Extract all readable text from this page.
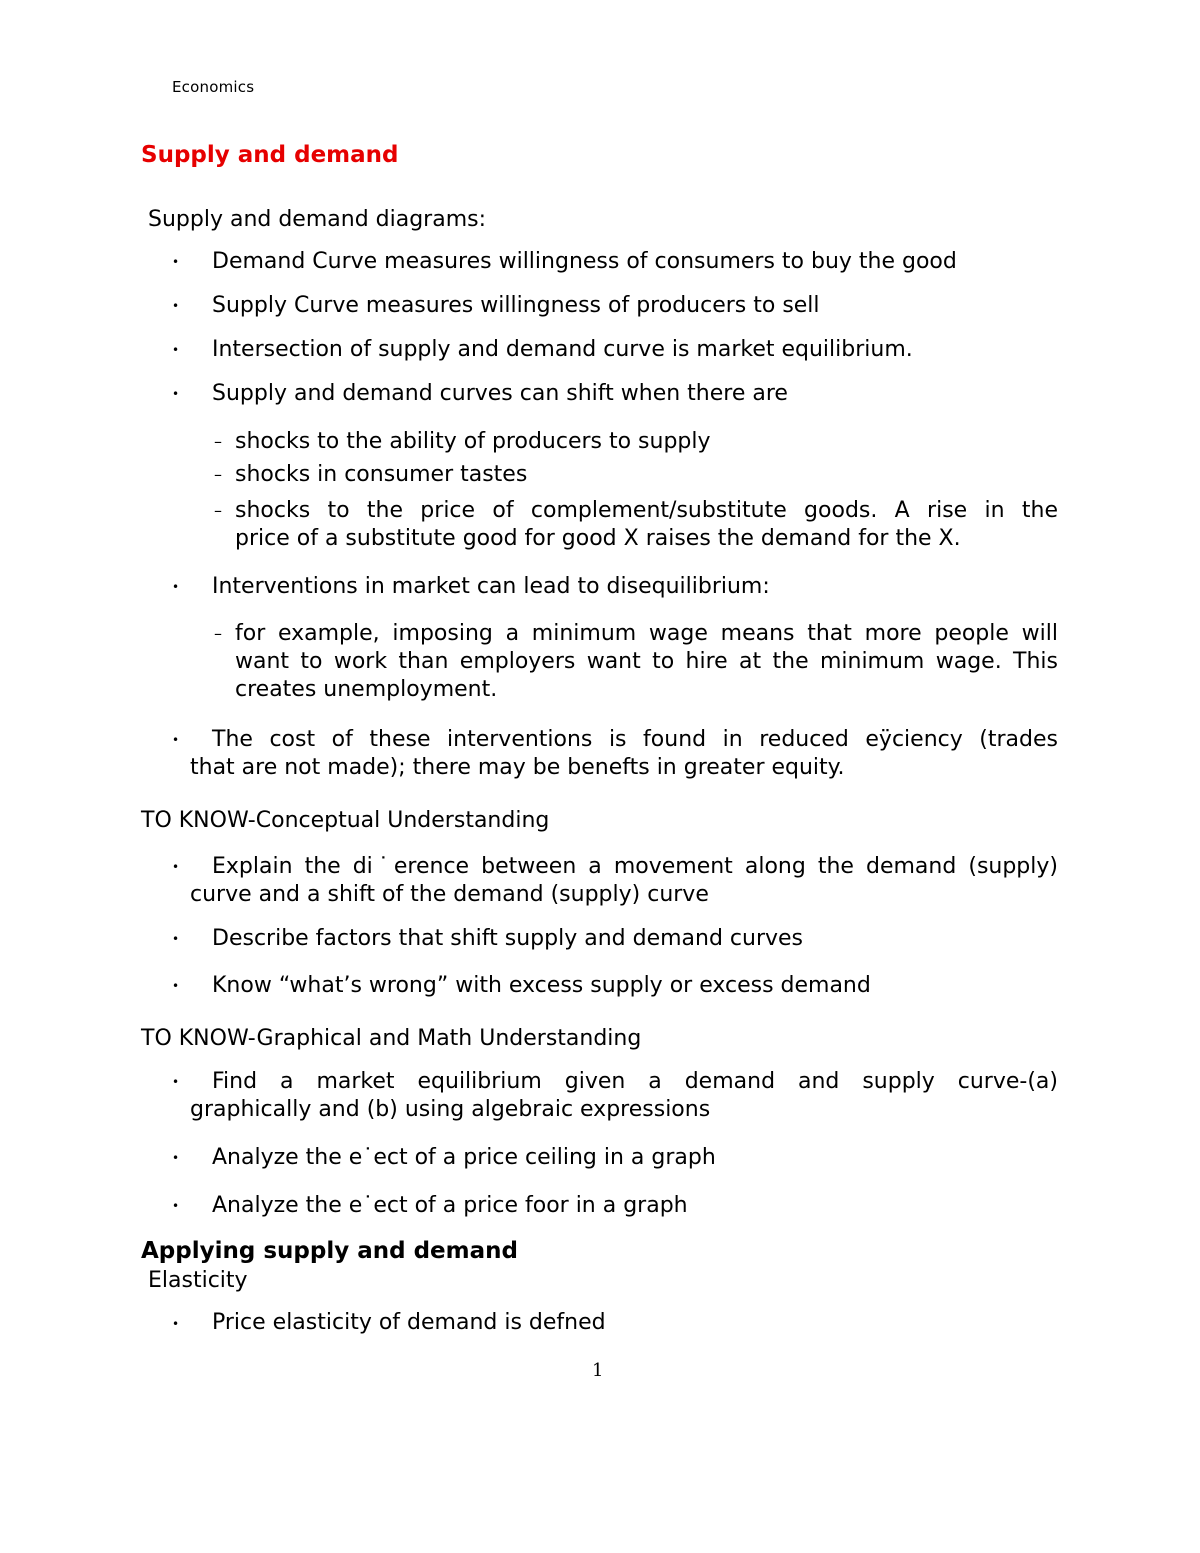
Economics
Supply and demand
Supply and demand diagrams:
• Demand Curve measures willingness of consumers to buy the good
• Supply Curve measures willingness of producers to sell
• Intersection of supply and demand curve is market equilibrium.
• Supply and demand curves can shift when there are
– shocks to the ability of producers to supply
– shocks in consumer tastes
– shocks to the price of complement/substitute goods. A rise in the
price of a substitute good for good X raises the demand for the X.
• Interventions in market can lead to disequilibrium:
– for example, imposing a minimum wage means that more people will
want to work than employers want to hire at the minimum wage. This
creates unemployment.
• The cost of these interventions is found in reduced eÿciency (trades
that are not made); there may be benefts in greater equity.
TO KNOW-Conceptual Understanding
• Explain the di˙erence between a movement along the demand (supply)
curve and a shift of the demand (supply) curve
• Describe factors that shift supply and demand curves
• Know “what’s wrong” with excess supply or excess demand
TO KNOW-Graphical and Math Understanding
• Find a market equilibrium given a demand and supply curve-(a)
graphically and (b) using algebraic expressions
• Analyze the e˙ect of a price ceiling in a graph
• Analyze the e˙ect of a price foor in a graph
Applying supply and demand
Elasticity
• Price elasticity of demand is defned
1
